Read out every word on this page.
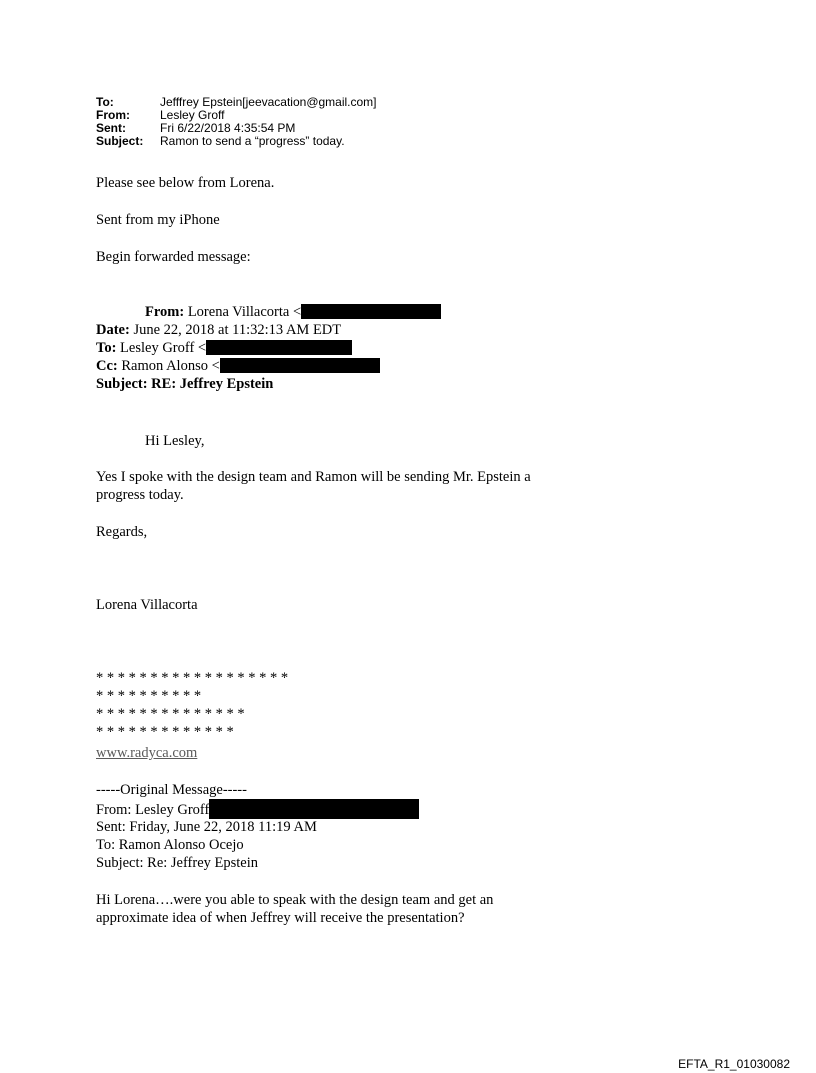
To:	Jefffrey Epstein[jeevacation@gmail.com]
From:	Lesley Groff
Sent:	Fri 6/22/2018 4:35:54 PM
Subject:	Ramon to send a “progress” today.
Please see below from Lorena.
Sent from my iPhone
Begin forwarded message:
From: Lorena Villacorta <
Date: June 22, 2018 at 11:32:13 AM EDT
To: Lesley Groff <
Cc: Ramon Alonso <
Subject: RE: Jeffrey Epstein
Hi Lesley,
Yes I spoke with the design team and Ramon will be sending Mr. Epstein a
progress today.
Regards,
Lorena Villacorta
* * * * * * * * * * * * * * * * * *
* * * * * * * * * *
* * * * * * * * * * * * * *
* * * * * * * * * * * * *
www.radyca.com
-----Original Message-----
From: Lesley Groff
Sent: Friday, June 22, 2018 11:19 AM
To: Ramon Alonso Ocejo
Subject: Re: Jeffrey Epstein
Hi Lorena….were you able to speak with the design team and get an
approximate idea of when Jeffrey will receive the presentation?
EFTA_R1_01030082
